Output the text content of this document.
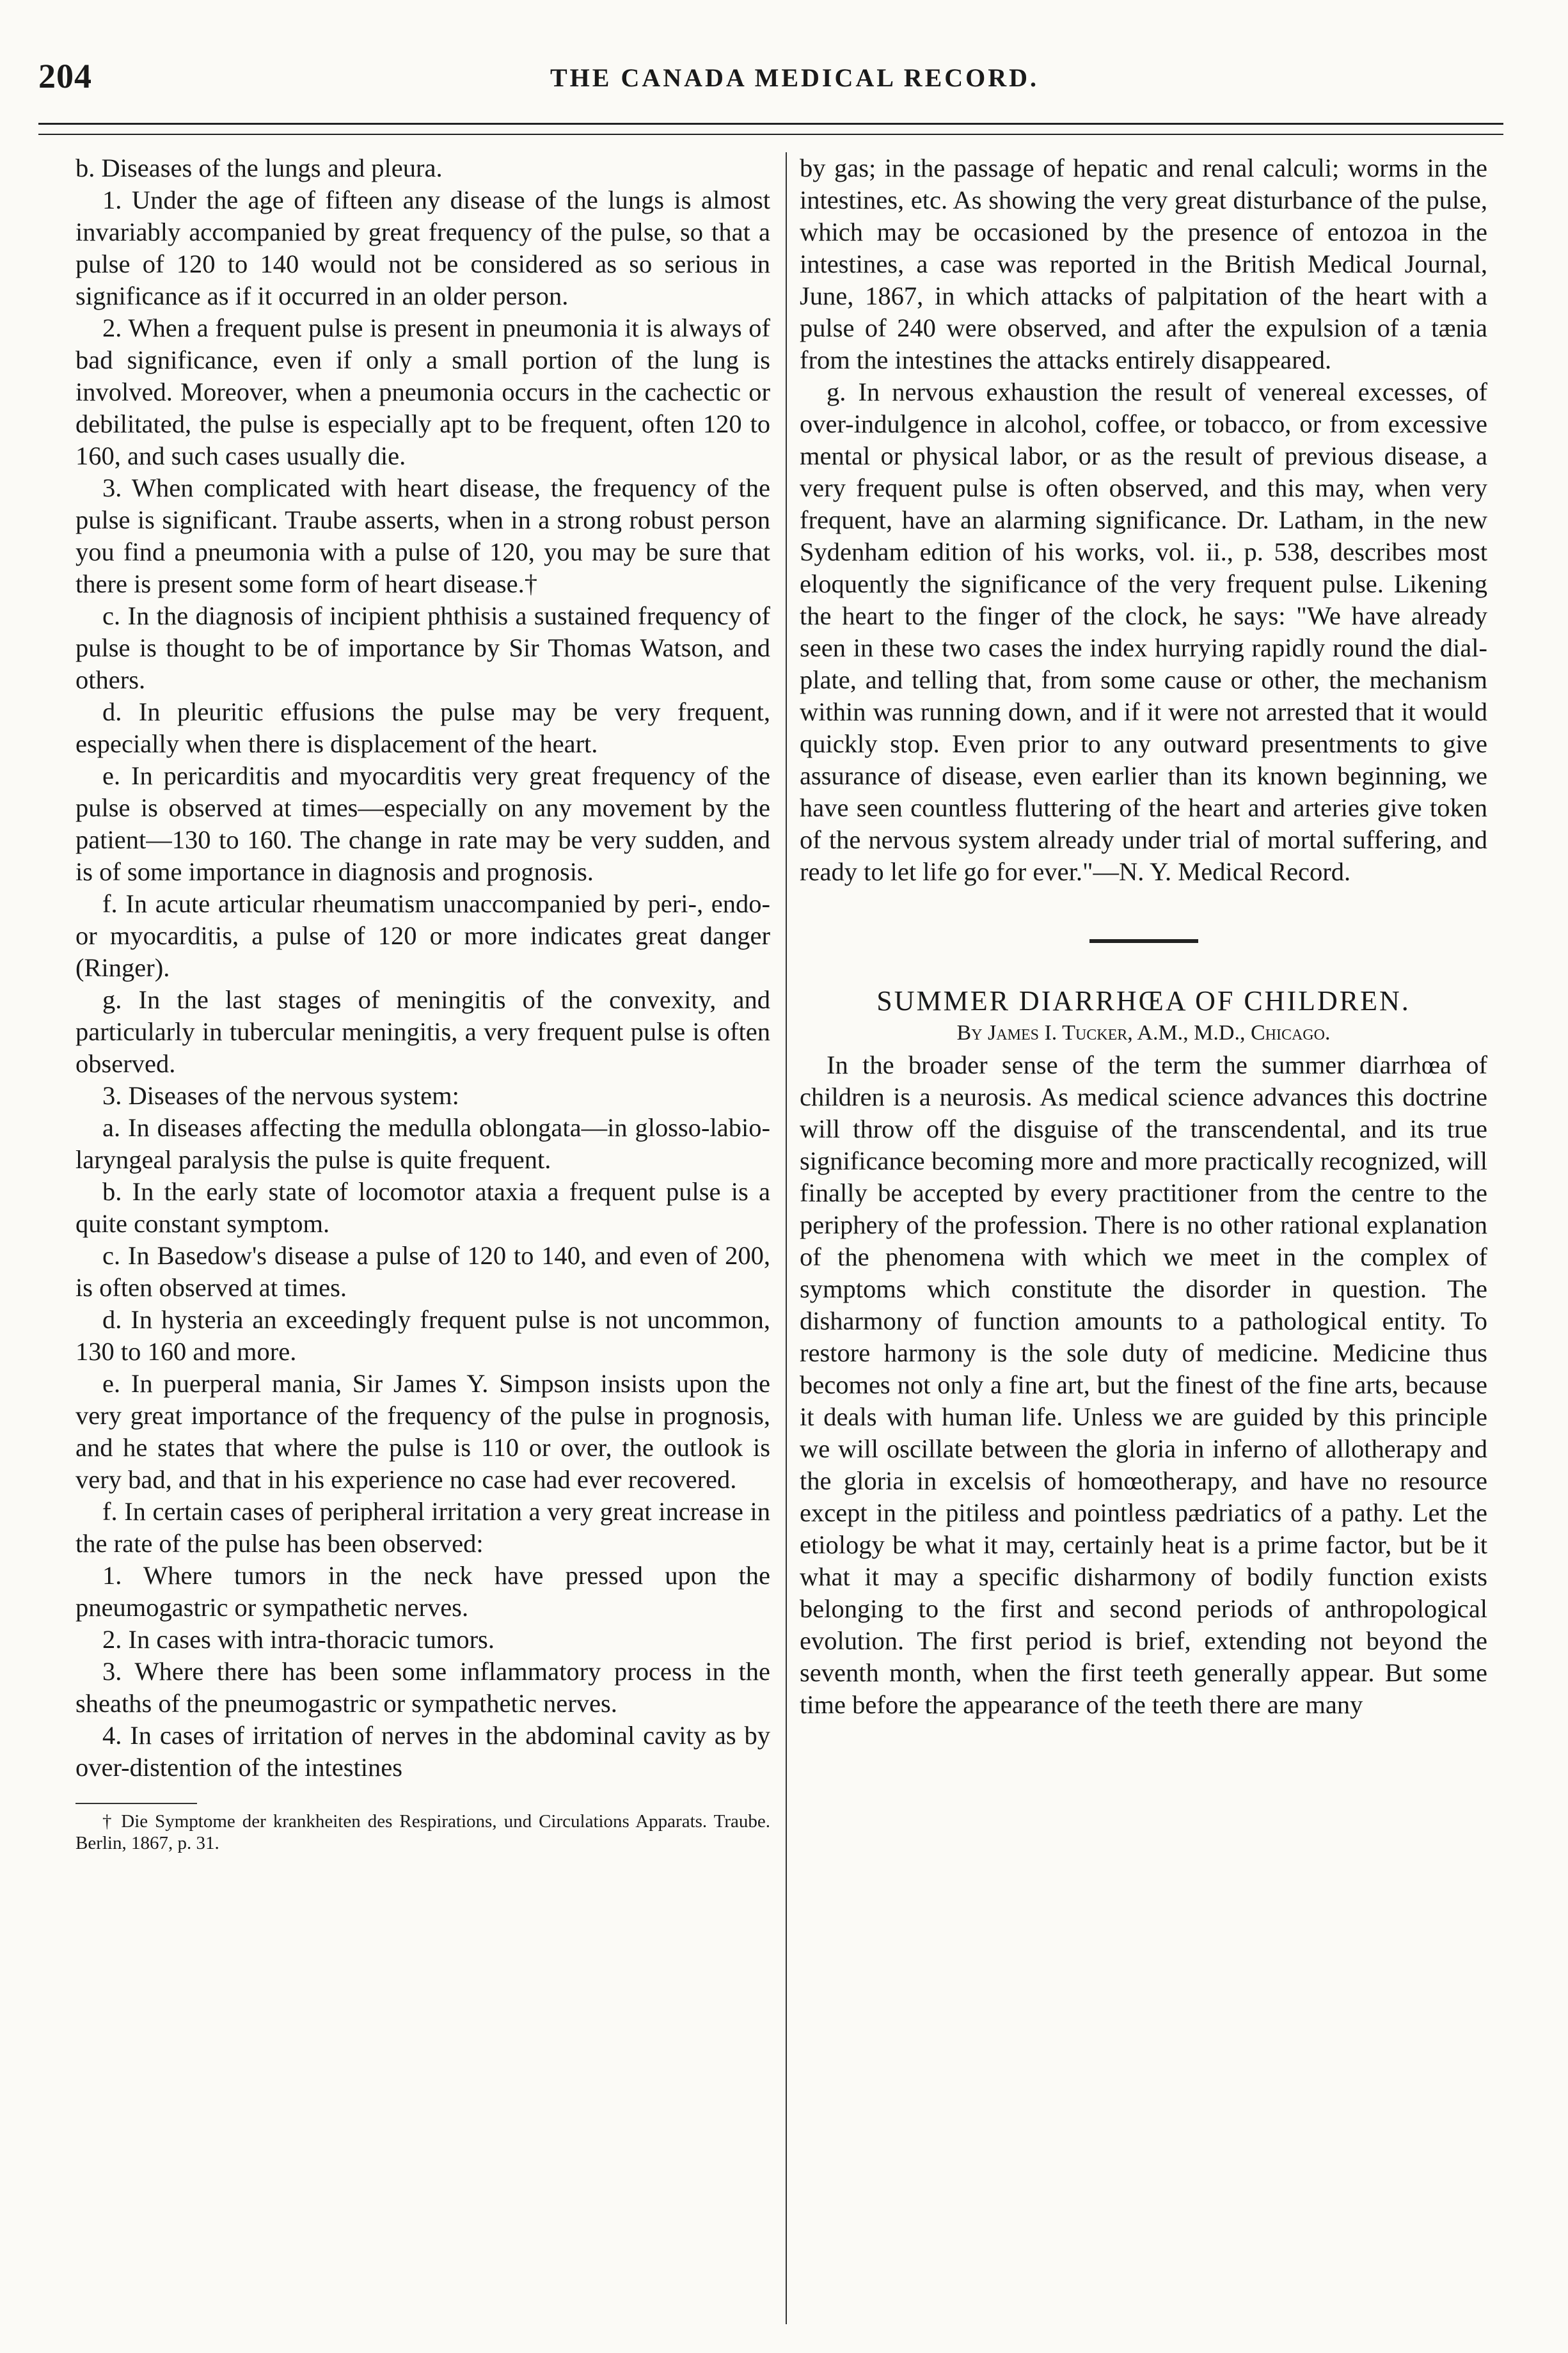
204	THE CANADA MEDICAL RECORD.

b. Diseases of the lungs and pleura.

1. Under the age of fifteen any disease of the lungs is almost invariably accompanied by great frequency of the pulse, so that a pulse of 120 to 140 would not be considered as so serious in significance as if it occurred in an older person.

2. When a frequent pulse is present in pneumonia it is always of bad significance, even if only a small portion of the lung is involved. Moreover, when a pneumonia occurs in the cachectic or debilitated, the pulse is especially apt to be frequent, often 120 to 160, and such cases usually die.

3. When complicated with heart disease, the frequency of the pulse is significant. Traube asserts, when in a strong robust person you find a pneumonia with a pulse of 120, you may be sure that there is present some form of heart disease.†

c. In the diagnosis of incipient phthisis a sustained frequency of pulse is thought to be of importance by Sir Thomas Watson, and others.

d. In pleuritic effusions the pulse may be very frequent, especially when there is displacement of the heart.

e. In pericarditis and myocarditis very great frequency of the pulse is observed at times—especially on any movement by the patient—130 to 160. The change in rate may be very sudden, and is of some importance in diagnosis and prognosis.

f. In acute articular rheumatism unaccompanied by peri-, endo- or myocarditis, a pulse of 120 or more indicates great danger (Ringer).

g. In the last stages of meningitis of the convexity, and particularly in tubercular meningitis, a very frequent pulse is often observed.

3. Diseases of the nervous system:

a. In diseases affecting the medulla oblongata—in glosso-labio-laryngeal paralysis the pulse is quite frequent.

b. In the early state of locomotor ataxia a frequent pulse is a quite constant symptom.

c. In Basedow's disease a pulse of 120 to 140, and even of 200, is often observed at times.

d. In hysteria an exceedingly frequent pulse is not uncommon, 130 to 160 and more.

e. In puerperal mania, Sir James Y. Simpson insists upon the very great importance of the frequency of the pulse in prognosis, and he states that where the pulse is 110 or over, the outlook is very bad, and that in his experience no case had ever recovered.

f. In certain cases of peripheral irritation a very great increase in the rate of the pulse has been observed:

1. Where tumors in the neck have pressed upon the pneumogastric or sympathetic nerves.

2. In cases with intra-thoracic tumors.

3. Where there has been some inflammatory process in the sheaths of the pneumogastric or sympathetic nerves.

4. In cases of irritation of nerves in the abdominal cavity as by over-distention of the intestines

† Die Symptome der krankheiten des Respirations, und Circulations Apparats. Traube. Berlin, 1867, p. 31.

by gas; in the passage of hepatic and renal calculi; worms in the intestines, etc. As showing the very great disturbance of the pulse, which may be occasioned by the presence of entozoa in the intestines, a case was reported in the British Medical Journal, June, 1867, in which attacks of palpitation of the heart with a pulse of 240 were observed, and after the expulsion of a tænia from the intestines the attacks entirely disappeared.

g. In nervous exhaustion the result of venereal excesses, of over-indulgence in alcohol, coffee, or tobacco, or from excessive mental or physical labor, or as the result of previous disease, a very frequent pulse is often observed, and this may, when very frequent, have an alarming significance. Dr. Latham, in the new Sydenham edition of his works, vol. ii., p. 538, describes most eloquently the significance of the very frequent pulse. Likening the heart to the finger of the clock, he says: "We have already seen in these two cases the index hurrying rapidly round the dial-plate, and telling that, from some cause or other, the mechanism within was running down, and if it were not arrested that it would quickly stop. Even prior to any outward presentments to give assurance of disease, even earlier than its known beginning, we have seen countless fluttering of the heart and arteries give token of the nervous system already under trial of mortal suffering, and ready to let life go for ever."—N. Y. Medical Record.

SUMMER DIARRHŒA OF CHILDREN.

By James I. Tucker, A.M., M.D., Chicago.

In the broader sense of the term the summer diarrhœa of children is a neurosis. As medical science advances this doctrine will throw off the disguise of the transcendental, and its true significance becoming more and more practically recognized, will finally be accepted by every practitioner from the centre to the periphery of the profession. There is no other rational explanation of the phenomena with which we meet in the complex of symptoms which constitute the disorder in question. The disharmony of function amounts to a pathological entity. To restore harmony is the sole duty of medicine. Medicine thus becomes not only a fine art, but the finest of the fine arts, because it deals with human life. Unless we are guided by this principle we will oscillate between the gloria in inferno of allotherapy and the gloria in excelsis of homœotherapy, and have no resource except in the pitiless and pointless pædriatics of a pathy. Let the etiology be what it may, certainly heat is a prime factor, but be it what it may a specific disharmony of bodily function exists belonging to the first and second periods of anthropological evolution. The first period is brief, extending not beyond the seventh month, when the first teeth generally appear. But some time before the appearance of the teeth there are many
